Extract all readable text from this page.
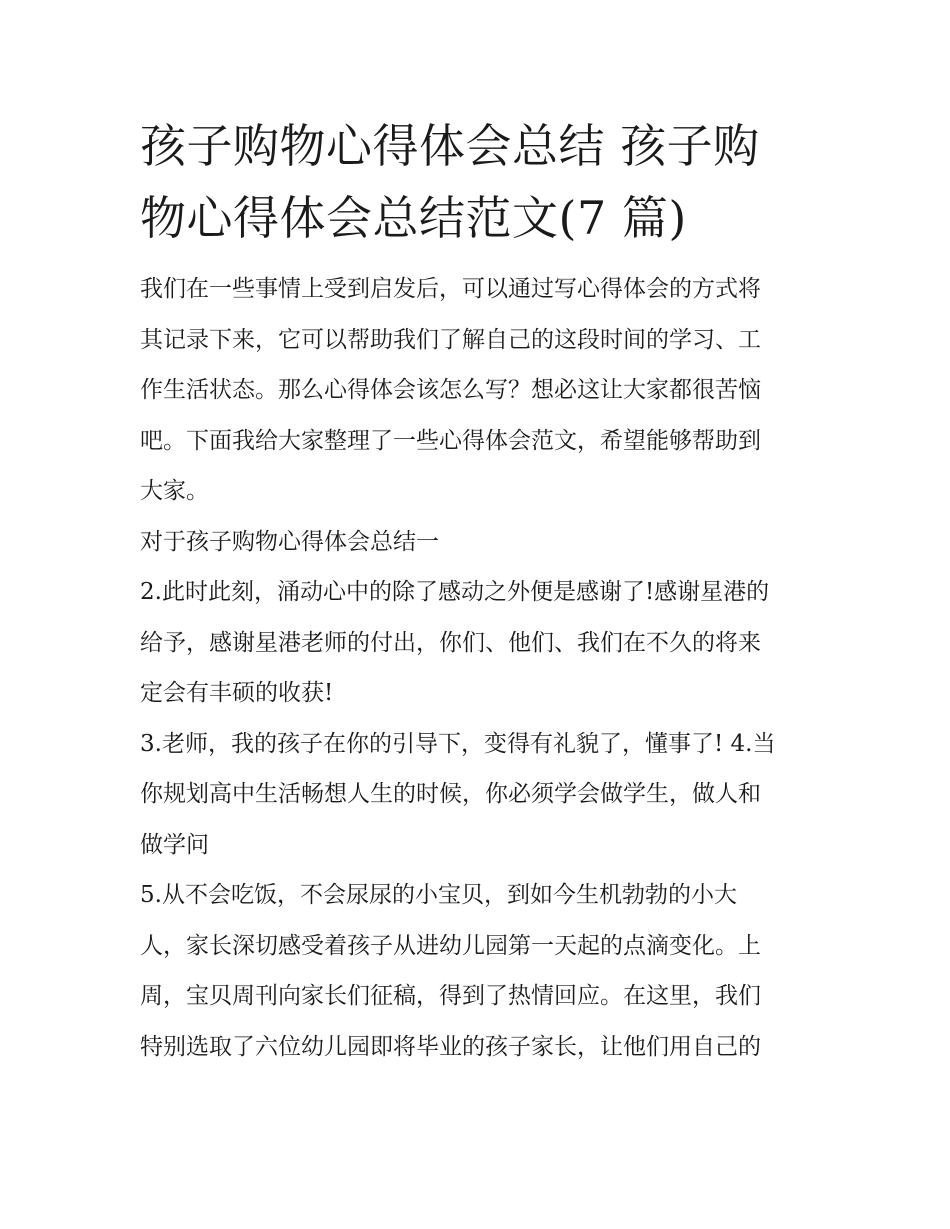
孩子购物心得体会总结 孩子购
物心得体会总结范文(7 篇)

我们在一些事情上受到启发后，可以通过写心得体会的方式将
其记录下来，它可以帮助我们了解自己的这段时间的学习、工
作生活状态。那么心得体会该怎么写？想必这让大家都很苦恼
吧。下面我给大家整理了一些心得体会范文，希望能够帮助到
大家。

对于孩子购物心得体会总结一

2.此时此刻，涌动心中的除了感动之外便是感谢了!感谢星港的
给予，感谢星港老师的付出，你们、他们、我们在不久的将来
定会有丰硕的收获!

3.老师，我的孩子在你的引导下，变得有礼貌了，懂事了! 4.当
你规划高中生活畅想人生的时候，你必须学会做学生，做人和
做学问

5.从不会吃饭，不会尿尿的小宝贝，到如今生机勃勃的小大
人，家长深切感受着孩子从进幼儿园第一天起的点滴变化。上
周，宝贝周刊向家长们征稿，得到了热情回应。在这里，我们
特别选取了六位幼儿园即将毕业的孩子家长，让他们用自己的
